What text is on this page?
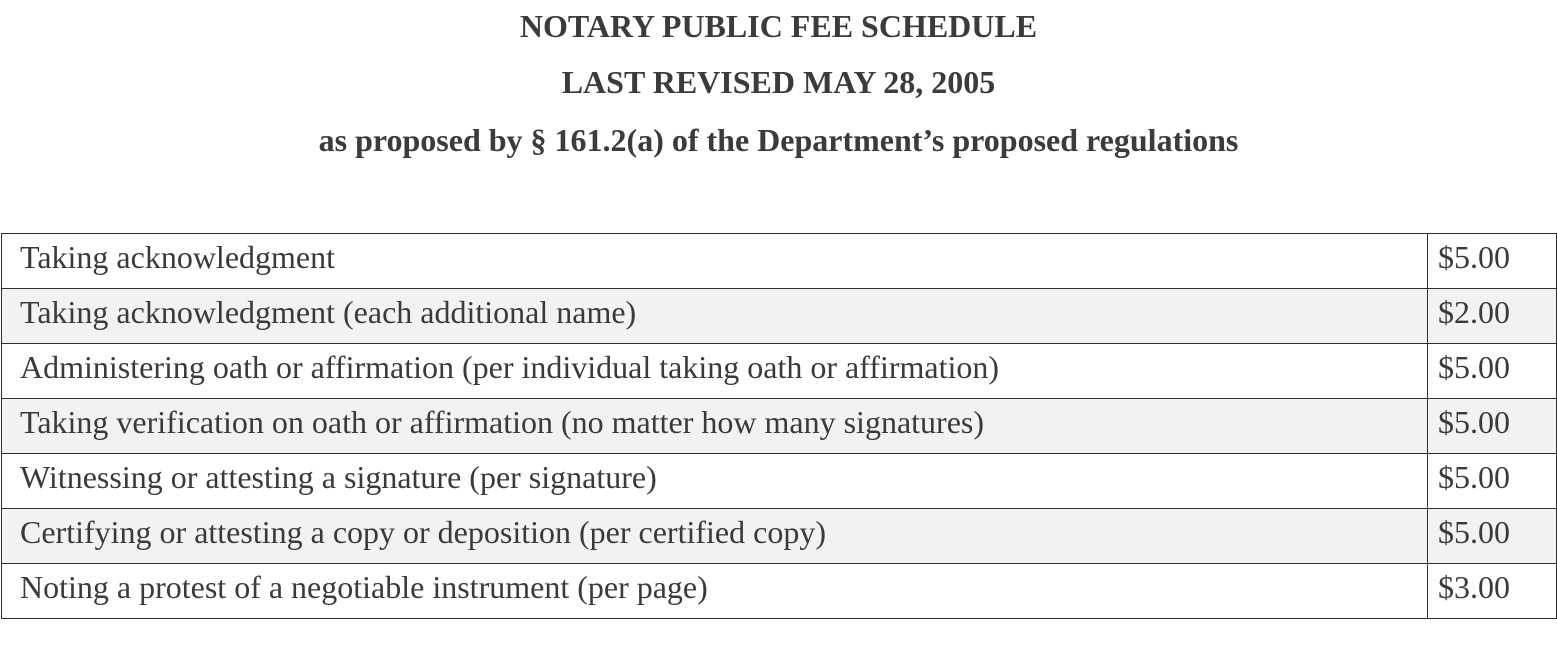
NOTARY PUBLIC FEE SCHEDULE
LAST REVISED MAY 28, 2005
as proposed by § 161.2(a) of the Department’s proposed regulations
Taking acknowledgment	$5.00
Taking acknowledgment (each additional name)	$2.00
Administering oath or affirmation (per individual taking oath or affirmation)	$5.00
Taking verification on oath or affirmation (no matter how many signatures)	$5.00
Witnessing or attesting a signature (per signature)	$5.00
Certifying or attesting a copy or deposition (per certified copy)	$5.00
Noting a protest of a negotiable instrument (per page)	$3.00
